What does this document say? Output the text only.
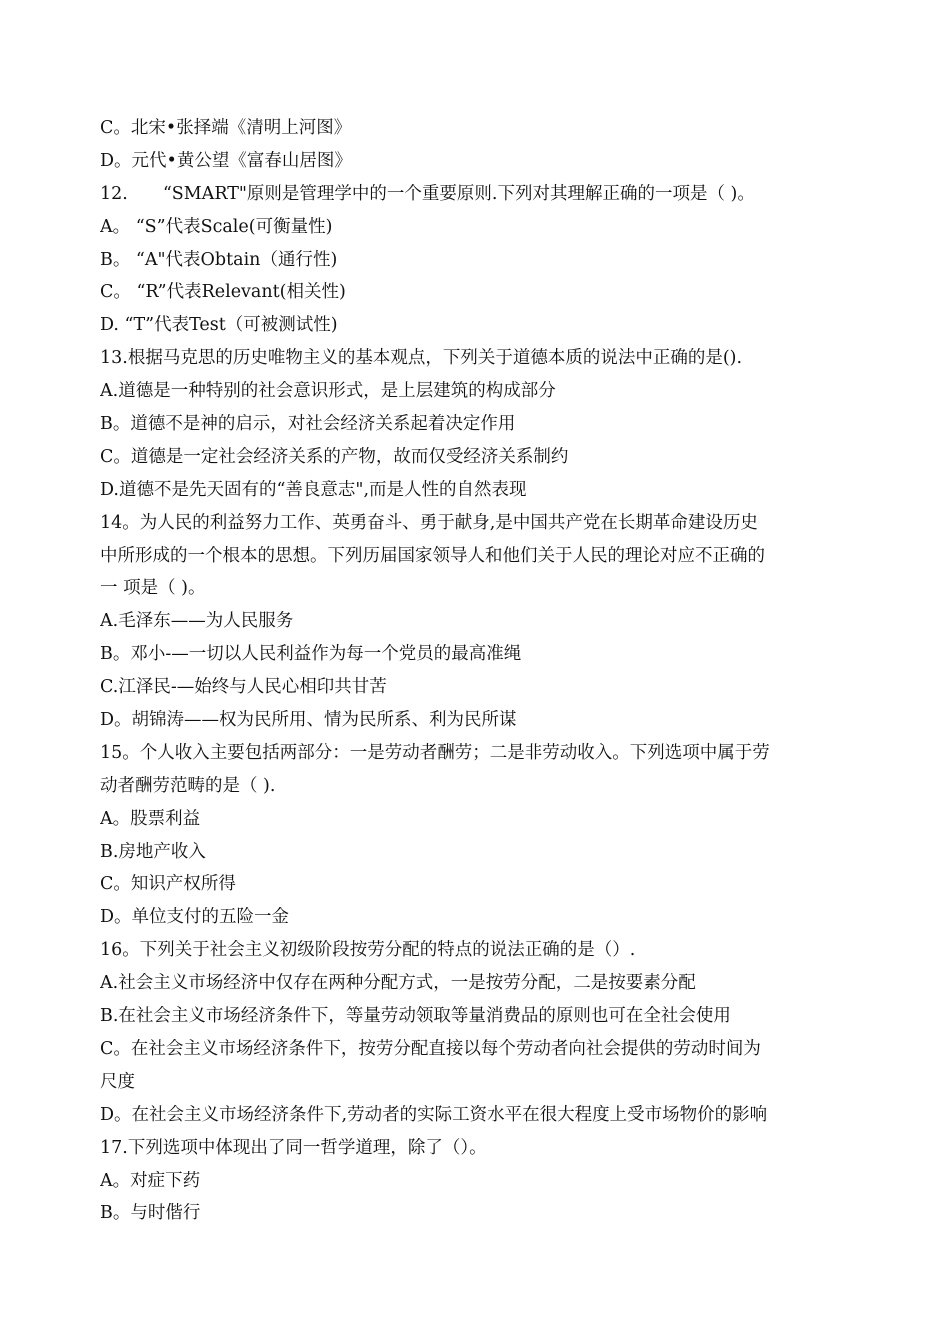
C。北宋•张择端《清明上河图》
D。元代•黄公望《富春山居图》
12.　　“SMART"原则是管理学中的一个重要原则.下列对其理解正确的一项是（ )。
A。 “S”代表Scale(可衡量性)
B。 “A"代表Obtain（通行性)
C。 “R”代表Relevant(相关性)
D. “T”代表Test（可被测试性)
13.根据马克思的历史唯物主义的基本观点，下列关于道德本质的说法中正确的是().
A.道德是一种特别的社会意识形式，是上层建筑的构成部分
B。道德不是神的启示，对社会经济关系起着决定作用
C。道德是一定社会经济关系的产物，故而仅受经济关系制约
D.道德不是先天固有的“善良意志",而是人性的自然表现
14。为人民的利益努力工作、英勇奋斗、勇于献身,是中国共产党在长期革命建设历史
中所形成的一个根本的思想。下列历届国家领导人和他们关于人民的理论对应不正确的
一 项是（ )。
A.毛泽东——为人民服务
B。邓小-—一切以人民利益作为每一个党员的最高准绳
C.江泽民-—始终与人民心相印共甘苦
D。胡锦涛——权为民所用、情为民所系、利为民所谋
15。个人收入主要包括两部分：一是劳动者酬劳；二是非劳动收入。下列选项中属于劳
动者酬劳范畴的是（ ).
A。股票利益
B.房地产收入
C。知识产权所得
D。单位支付的五险一金
16。下列关于社会主义初级阶段按劳分配的特点的说法正确的是（）.
A.社会主义市场经济中仅存在两种分配方式，一是按劳分配，二是按要素分配
B.在社会主义市场经济条件下，等量劳动领取等量消费品的原则也可在全社会使用
C。在社会主义市场经济条件下，按劳分配直接以每个劳动者向社会提供的劳动时间为
尺度
D。在社会主义市场经济条件下,劳动者的实际工资水平在很大程度上受市场物价的影响
17.下列选项中体现出了同一哲学道理，除了（）。
A。对症下药
B。与时偕行
